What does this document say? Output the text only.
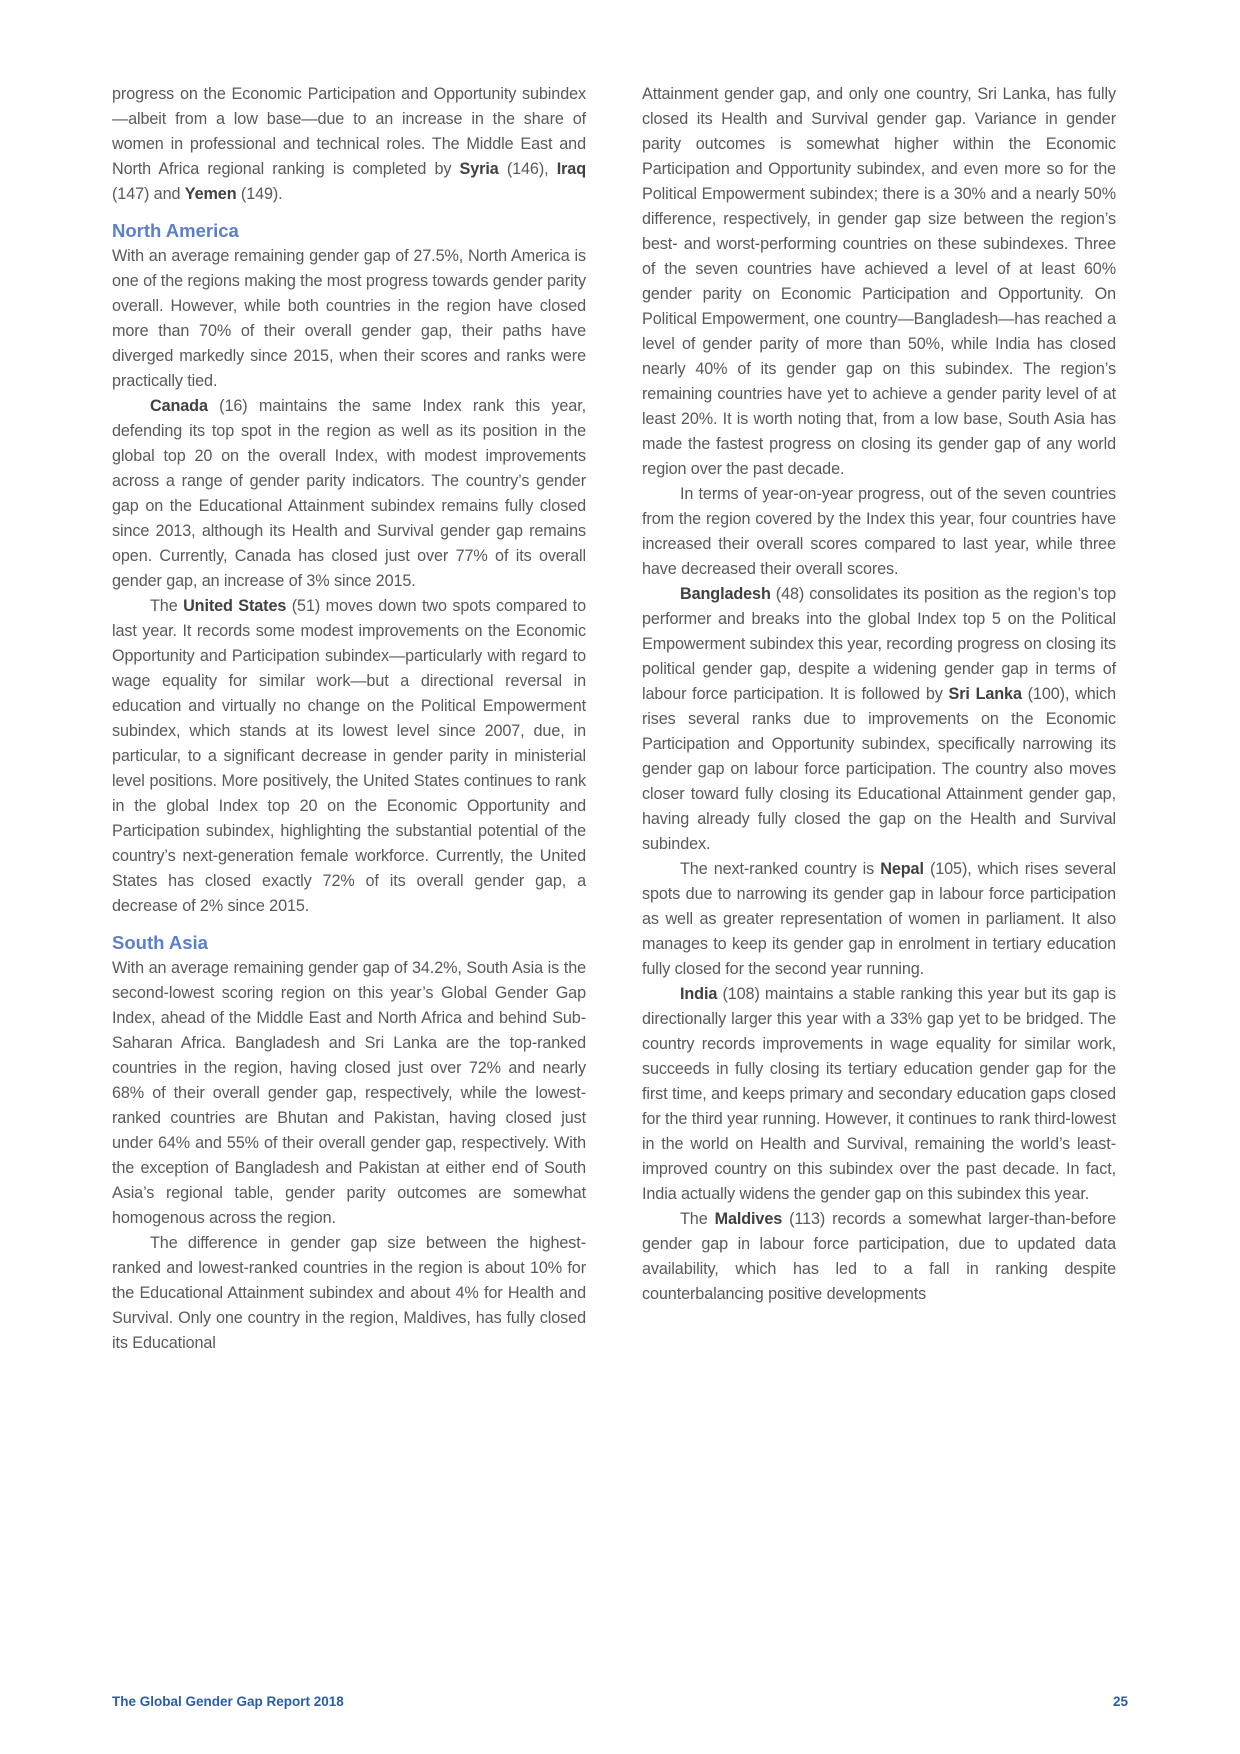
progress on the Economic Participation and Opportunity subindex—albeit from a low base—due to an increase in the share of women in professional and technical roles. The Middle East and North Africa regional ranking is completed by Syria (146), Iraq (147) and Yemen (149).

North America

With an average remaining gender gap of 27.5%, North America is one of the regions making the most progress towards gender parity overall. However, while both countries in the region have closed more than 70% of their overall gender gap, their paths have diverged markedly since 2015, when their scores and ranks were practically tied.

Canada (16) maintains the same Index rank this year, defending its top spot in the region as well as its position in the global top 20 on the overall Index, with modest improvements across a range of gender parity indicators. The country’s gender gap on the Educational Attainment subindex remains fully closed since 2013, although its Health and Survival gender gap remains open. Currently, Canada has closed just over 77% of its overall gender gap, an increase of 3% since 2015.

The United States (51) moves down two spots compared to last year. It records some modest improvements on the Economic Opportunity and Participation subindex—particularly with regard to wage equality for similar work—but a directional reversal in education and virtually no change on the Political Empowerment subindex, which stands at its lowest level since 2007, due, in particular, to a significant decrease in gender parity in ministerial level positions. More positively, the United States continues to rank in the global Index top 20 on the Economic Opportunity and Participation subindex, highlighting the substantial potential of the country’s next-generation female workforce. Currently, the United States has closed exactly 72% of its overall gender gap, a decrease of 2% since 2015.

South Asia

With an average remaining gender gap of 34.2%, South Asia is the second-lowest scoring region on this year’s Global Gender Gap Index, ahead of the Middle East and North Africa and behind Sub-Saharan Africa. Bangladesh and Sri Lanka are the top-ranked countries in the region, having closed just over 72% and nearly 68% of their overall gender gap, respectively, while the lowest-ranked countries are Bhutan and Pakistan, having closed just under 64% and 55% of their overall gender gap, respectively. With the exception of Bangladesh and Pakistan at either end of South Asia’s regional table, gender parity outcomes are somewhat homogenous across the region.

The difference in gender gap size between the highest-ranked and lowest-ranked countries in the region is about 10% for the Educational Attainment subindex and about 4% for Health and Survival. Only one country in the region, Maldives, has fully closed its Educational

Attainment gender gap, and only one country, Sri Lanka, has fully closed its Health and Survival gender gap. Variance in gender parity outcomes is somewhat higher within the Economic Participation and Opportunity subindex, and even more so for the Political Empowerment subindex; there is a 30% and a nearly 50% difference, respectively, in gender gap size between the region’s best- and worst-performing countries on these subindexes. Three of the seven countries have achieved a level of at least 60% gender parity on Economic Participation and Opportunity. On Political Empowerment, one country—Bangladesh—has reached a level of gender parity of more than 50%, while India has closed nearly 40% of its gender gap on this subindex. The region’s remaining countries have yet to achieve a gender parity level of at least 20%. It is worth noting that, from a low base, South Asia has made the fastest progress on closing its gender gap of any world region over the past decade.

In terms of year-on-year progress, out of the seven countries from the region covered by the Index this year, four countries have increased their overall scores compared to last year, while three have decreased their overall scores.

Bangladesh (48) consolidates its position as the region’s top performer and breaks into the global Index top 5 on the Political Empowerment subindex this year, recording progress on closing its political gender gap, despite a widening gender gap in terms of labour force participation. It is followed by Sri Lanka (100), which rises several ranks due to improvements on the Economic Participation and Opportunity subindex, specifically narrowing its gender gap on labour force participation. The country also moves closer toward fully closing its Educational Attainment gender gap, having already fully closed the gap on the Health and Survival subindex.

The next-ranked country is Nepal (105), which rises several spots due to narrowing its gender gap in labour force participation as well as greater representation of women in parliament. It also manages to keep its gender gap in enrolment in tertiary education fully closed for the second year running.

India (108) maintains a stable ranking this year but its gap is directionally larger this year with a 33% gap yet to be bridged. The country records improvements in wage equality for similar work, succeeds in fully closing its tertiary education gender gap for the first time, and keeps primary and secondary education gaps closed for the third year running. However, it continues to rank third-lowest in the world on Health and Survival, remaining the world’s least-improved country on this subindex over the past decade. In fact, India actually widens the gender gap on this subindex this year.

The Maldives (113) records a somewhat larger-than-before gender gap in labour force participation, due to updated data availability, which has led to a fall in ranking despite counterbalancing positive developments

The Global Gender Gap Report 2018	25
